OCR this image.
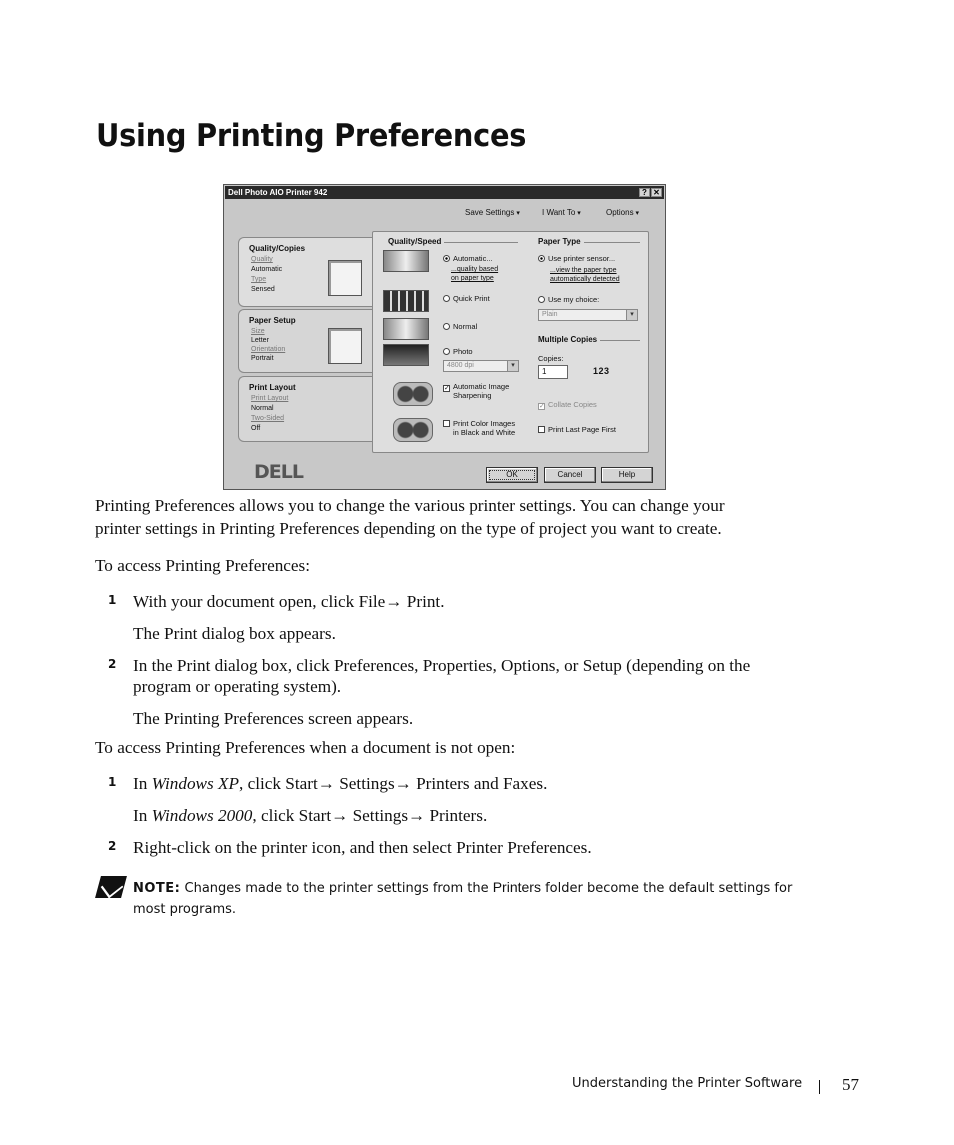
Using Printing Preferences
Dell Photo AIO Printer 942	? ✕
Save Settings ▾	I Want To ▾	Options ▾
Quality/Copies
Quality
Automatic
Type
Sensed
Paper Setup
Size
Letter
Orientation
Portrait
Print Layout
Print Layout
Normal
Two-Sided
Off
Quality/Speed
Automatic...
...quality based
on paper type
Quick Print
Normal
Photo
4800 dpi ▾
✓ Automatic Image
Sharpening
Print Color Images
in Black and White
Paper Type
Use printer sensor...
...view the paper type
automatically detected
Use my choice:
Plain ▾
Multiple Copies
Copies:
1	1 2 3
✓ Collate Copies
Print Last Page First
DELL	OK	Cancel	Help

Printing Preferences allows you to change the various printer settings. You can change your
printer settings in Printing Preferences depending on the type of project you want to create.

To access Printing Preferences:

1 With your document open, click File→ Print.

The Print dialog box appears.

2 In the Print dialog box, click Preferences, Properties, Options, or Setup (depending on the
program or operating system).

The Printing Preferences screen appears.

To access Printing Preferences when a document is not open:

1 In Windows XP, click Start→ Settings→ Printers and Faxes.

In Windows 2000, click Start→ Settings→ Printers.

2 Right-click on the printer icon, and then select Printer Preferences.

NOTE: Changes made to the printer settings from the Printers folder become the default settings for
most programs.

Understanding the Printer Software 57
